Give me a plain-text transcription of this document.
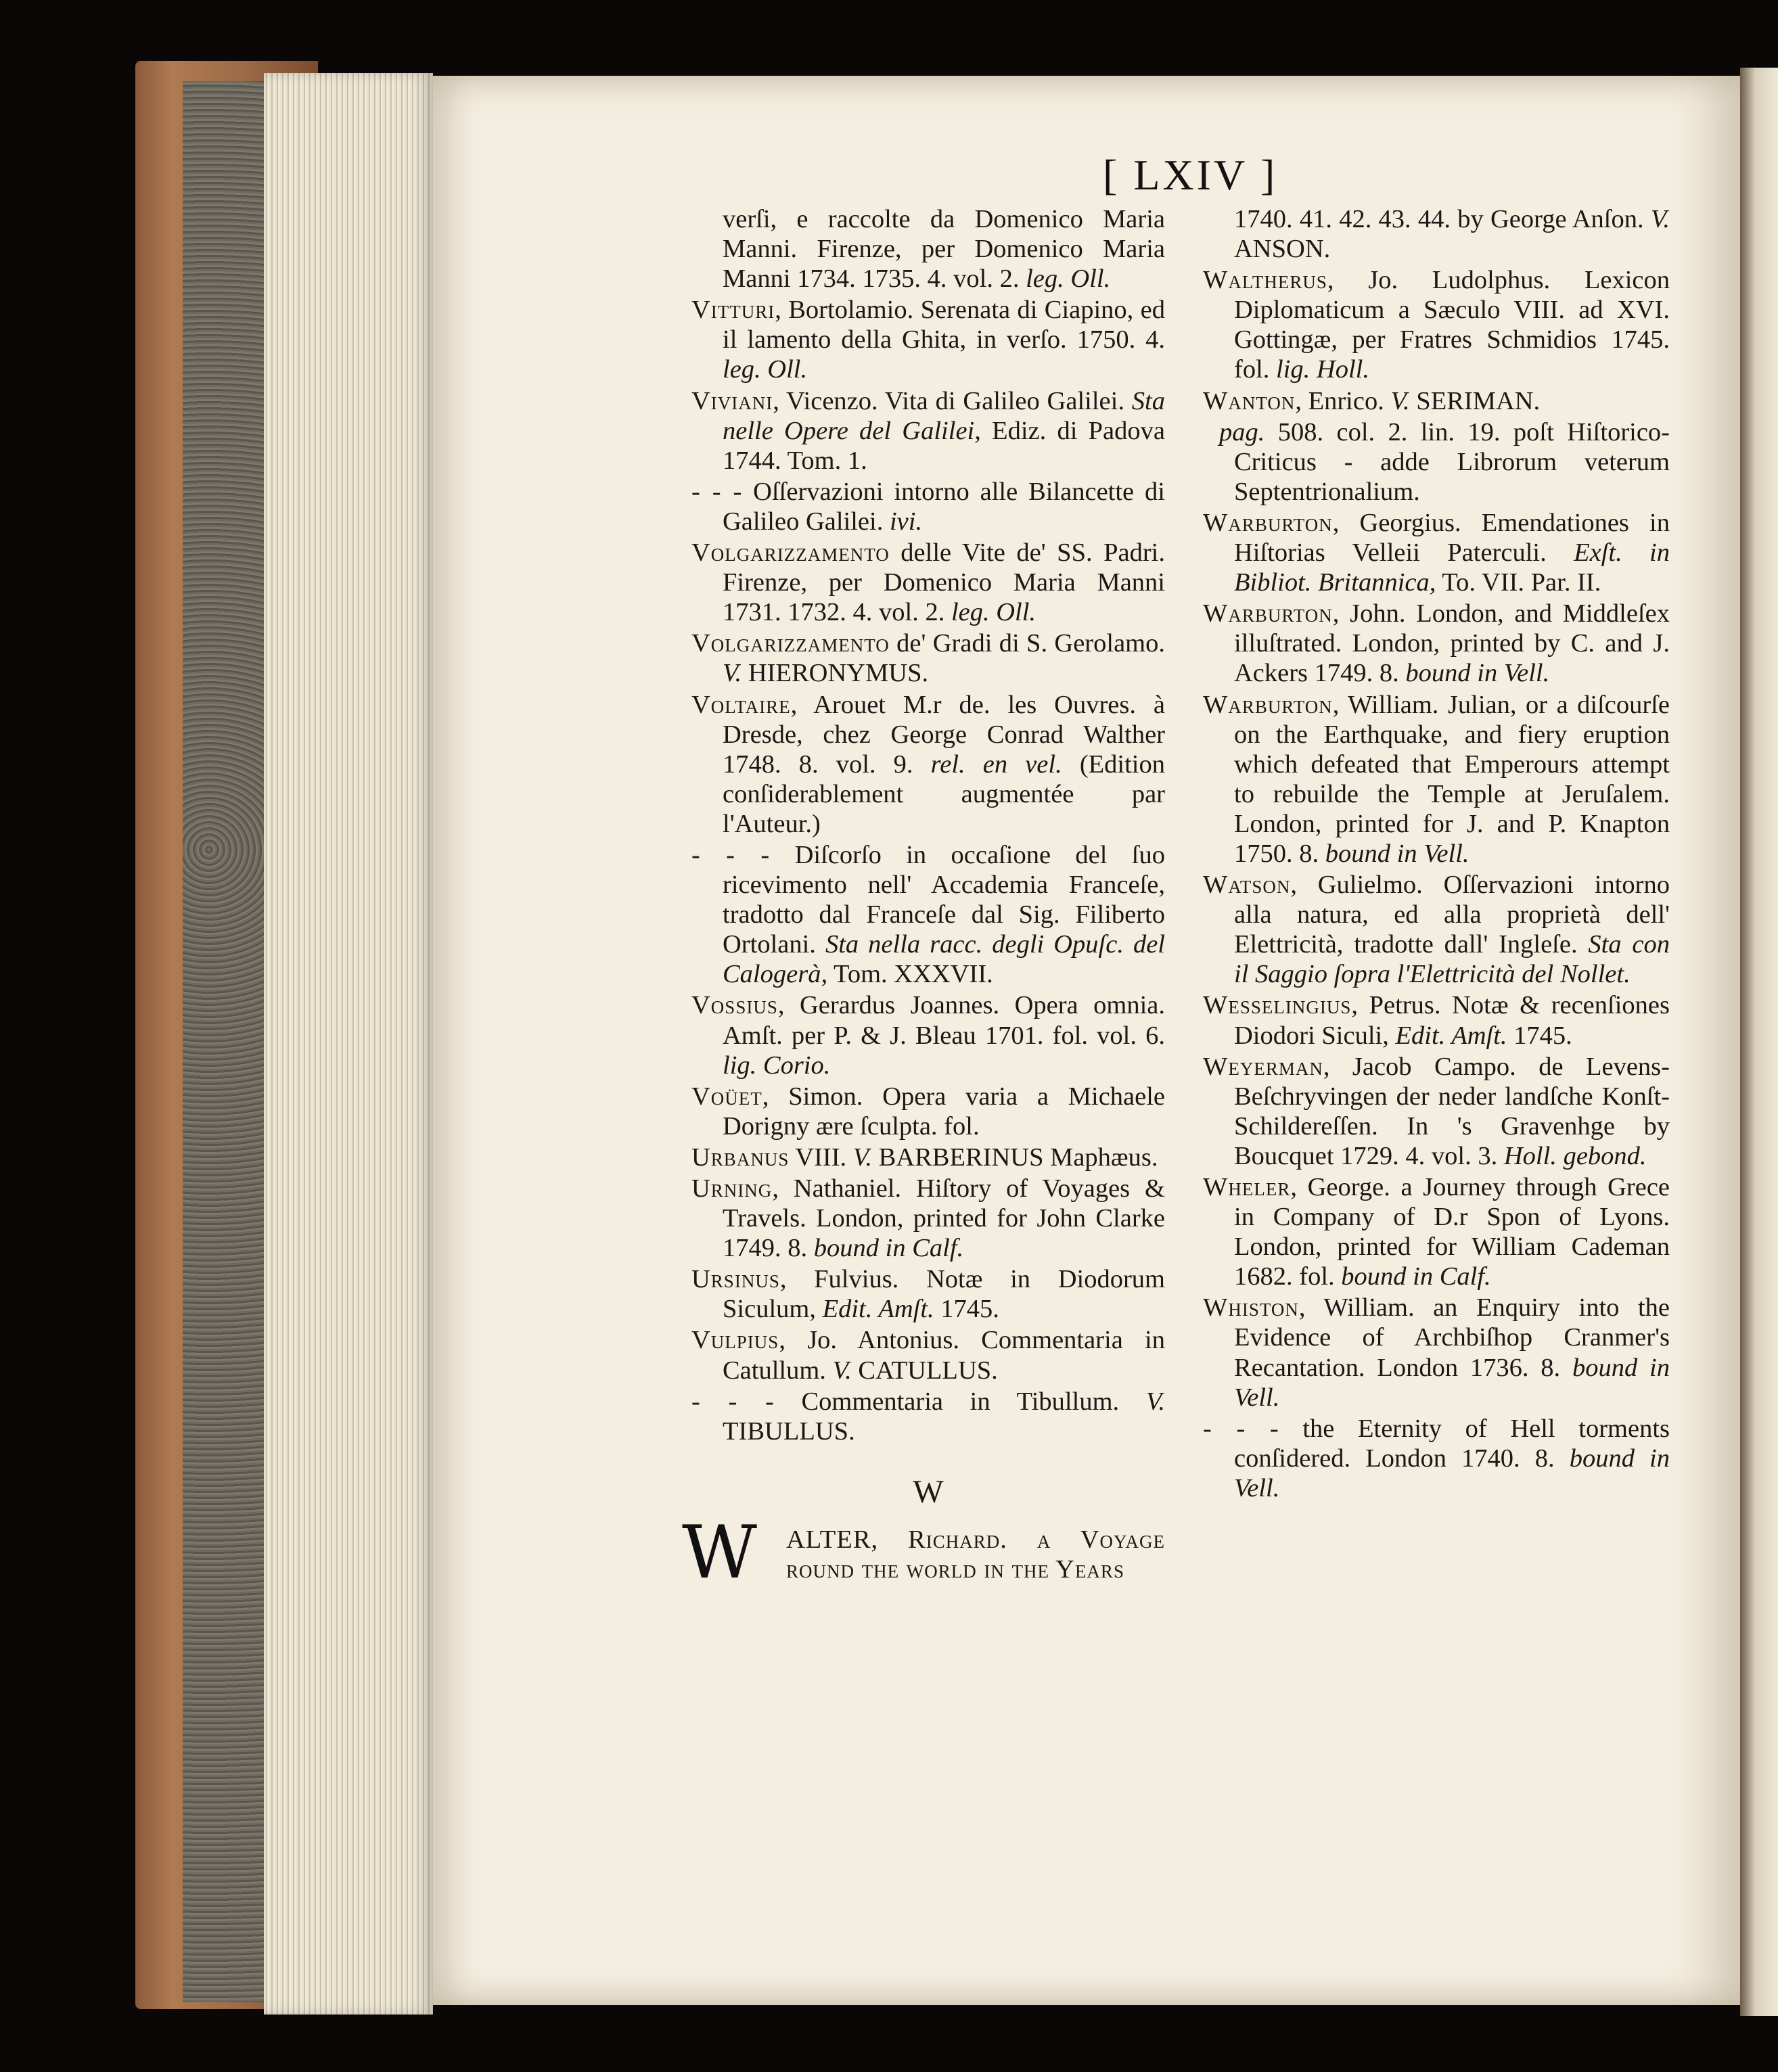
[ LXIV ]

verſi, e raccolte da Domenico Maria Manni. Firenze, per Domenico Maria Manni 1734. 1735. 4. vol. 2. leg. Oll.

Vitturi, Bortolamio. Serenata di Ciapino, ed il lamento della Ghita, in verſo. 1750. 4. leg. Oll.

Viviani, Vicenzo. Vita di Galileo Galilei. Sta nelle Opere del Galilei, Ediz. di Padova 1744. Tom. 1.

- - - Oſſervazioni intorno alle Bilancette di Galileo Galilei. ivi.

Volgarizzamento delle Vite de' SS. Padri. Firenze, per Domenico Maria Manni 1731. 1732. 4. vol. 2. leg. Oll.

Volgarizzamento de' Gradi di S. Gerolamo. V. HIERONYMUS.

Voltaire, Arouet M.r de. les Ouvres. à Dresde, chez George Conrad Walther 1748. 8. vol. 9. rel. en vel. (Edition conſiderablement augmentée par l'Auteur.)

- - - Diſcorſo in occaſione del ſuo ricevimento nell' Accademia Franceſe, tradotto dal Franceſe dal Sig. Filiberto Ortolani. Sta nella racc. degli Opuſc. del Calogerà, Tom. XXXVII.

Vossius, Gerardus Joannes. Opera omnia. Amſt. per P. & J. Bleau 1701. fol. vol. 6. lig. Corio.

Voüet, Simon. Opera varia a Michaele Dorigny ære ſculpta. fol.

Urbanus VIII. V. BARBERINUS Maphæus.

Urning, Nathaniel. Hiſtory of Voyages & Travels. London, printed for John Clarke 1749. 8. bound in Calf.

Ursinus, Fulvius. Notæ in Diodorum Siculum, Edit. Amſt. 1745.

Vulpius, Jo. Antonius. Commentaria in Catullum. V. CATULLUS.

- - - Commentaria in Tibullum. V. TIBULLUS.

W

W ALTER, Richard. a Voyage round the world in the Years

1740. 41. 42. 43. 44. by George Anſon. V. ANSON.

Waltherus, Jo. Ludolphus. Lexicon Diplomaticum a Sæculo VIII. ad XVI. Gottingæ, per Fratres Schmidios 1745. fol. lig. Holl.

Wanton, Enrico. V. SERIMAN.

pag. 508. col. 2. lin. 19. poſt Hiſtorico-Criticus - adde Librorum veterum Septentrionalium.

Warburton, Georgius. Emendationes in Hiſtorias Velleii Paterculi. Exſt. in Bibliot. Britannica, To. VII. Par. II.

Warburton, John. London, and Middleſex illuſtrated. London, printed by C. and J. Ackers 1749. 8. bound in Vell.

Warburton, William. Julian, or a diſcourſe on the Earthquake, and fiery eruption which defeated that Emperours attempt to rebuilde the Temple at Jeruſalem. London, printed for J. and P. Knapton 1750. 8. bound in Vell.

Watson, Gulielmo. Oſſervazioni intorno alla natura, ed alla proprietà dell' Elettricità, tradotte dall' Ingleſe. Sta con il Saggio ſopra l'Elettricità del Nollet.

Wesselingius, Petrus. Notæ & recenſiones Diodori Siculi, Edit. Amſt. 1745.

Weyerman, Jacob Campo. de Levens-Beſchryvingen der neder landſche Konſt-Schildereſſen. In 's Gravenhge by Boucquet 1729. 4. vol. 3. Holl. gebond.

Wheler, George. a Journey through Grece in Company of D.r Spon of Lyons. London, printed for William Cademan 1682. fol. bound in Calf.

Whiston, William. an Enquiry into the Evidence of Archbiſhop Cranmer's Recantation. London 1736. 8. bound in Vell.

- - - the Eternity of Hell torments conſidered. London 1740. 8. bound in Vell.
